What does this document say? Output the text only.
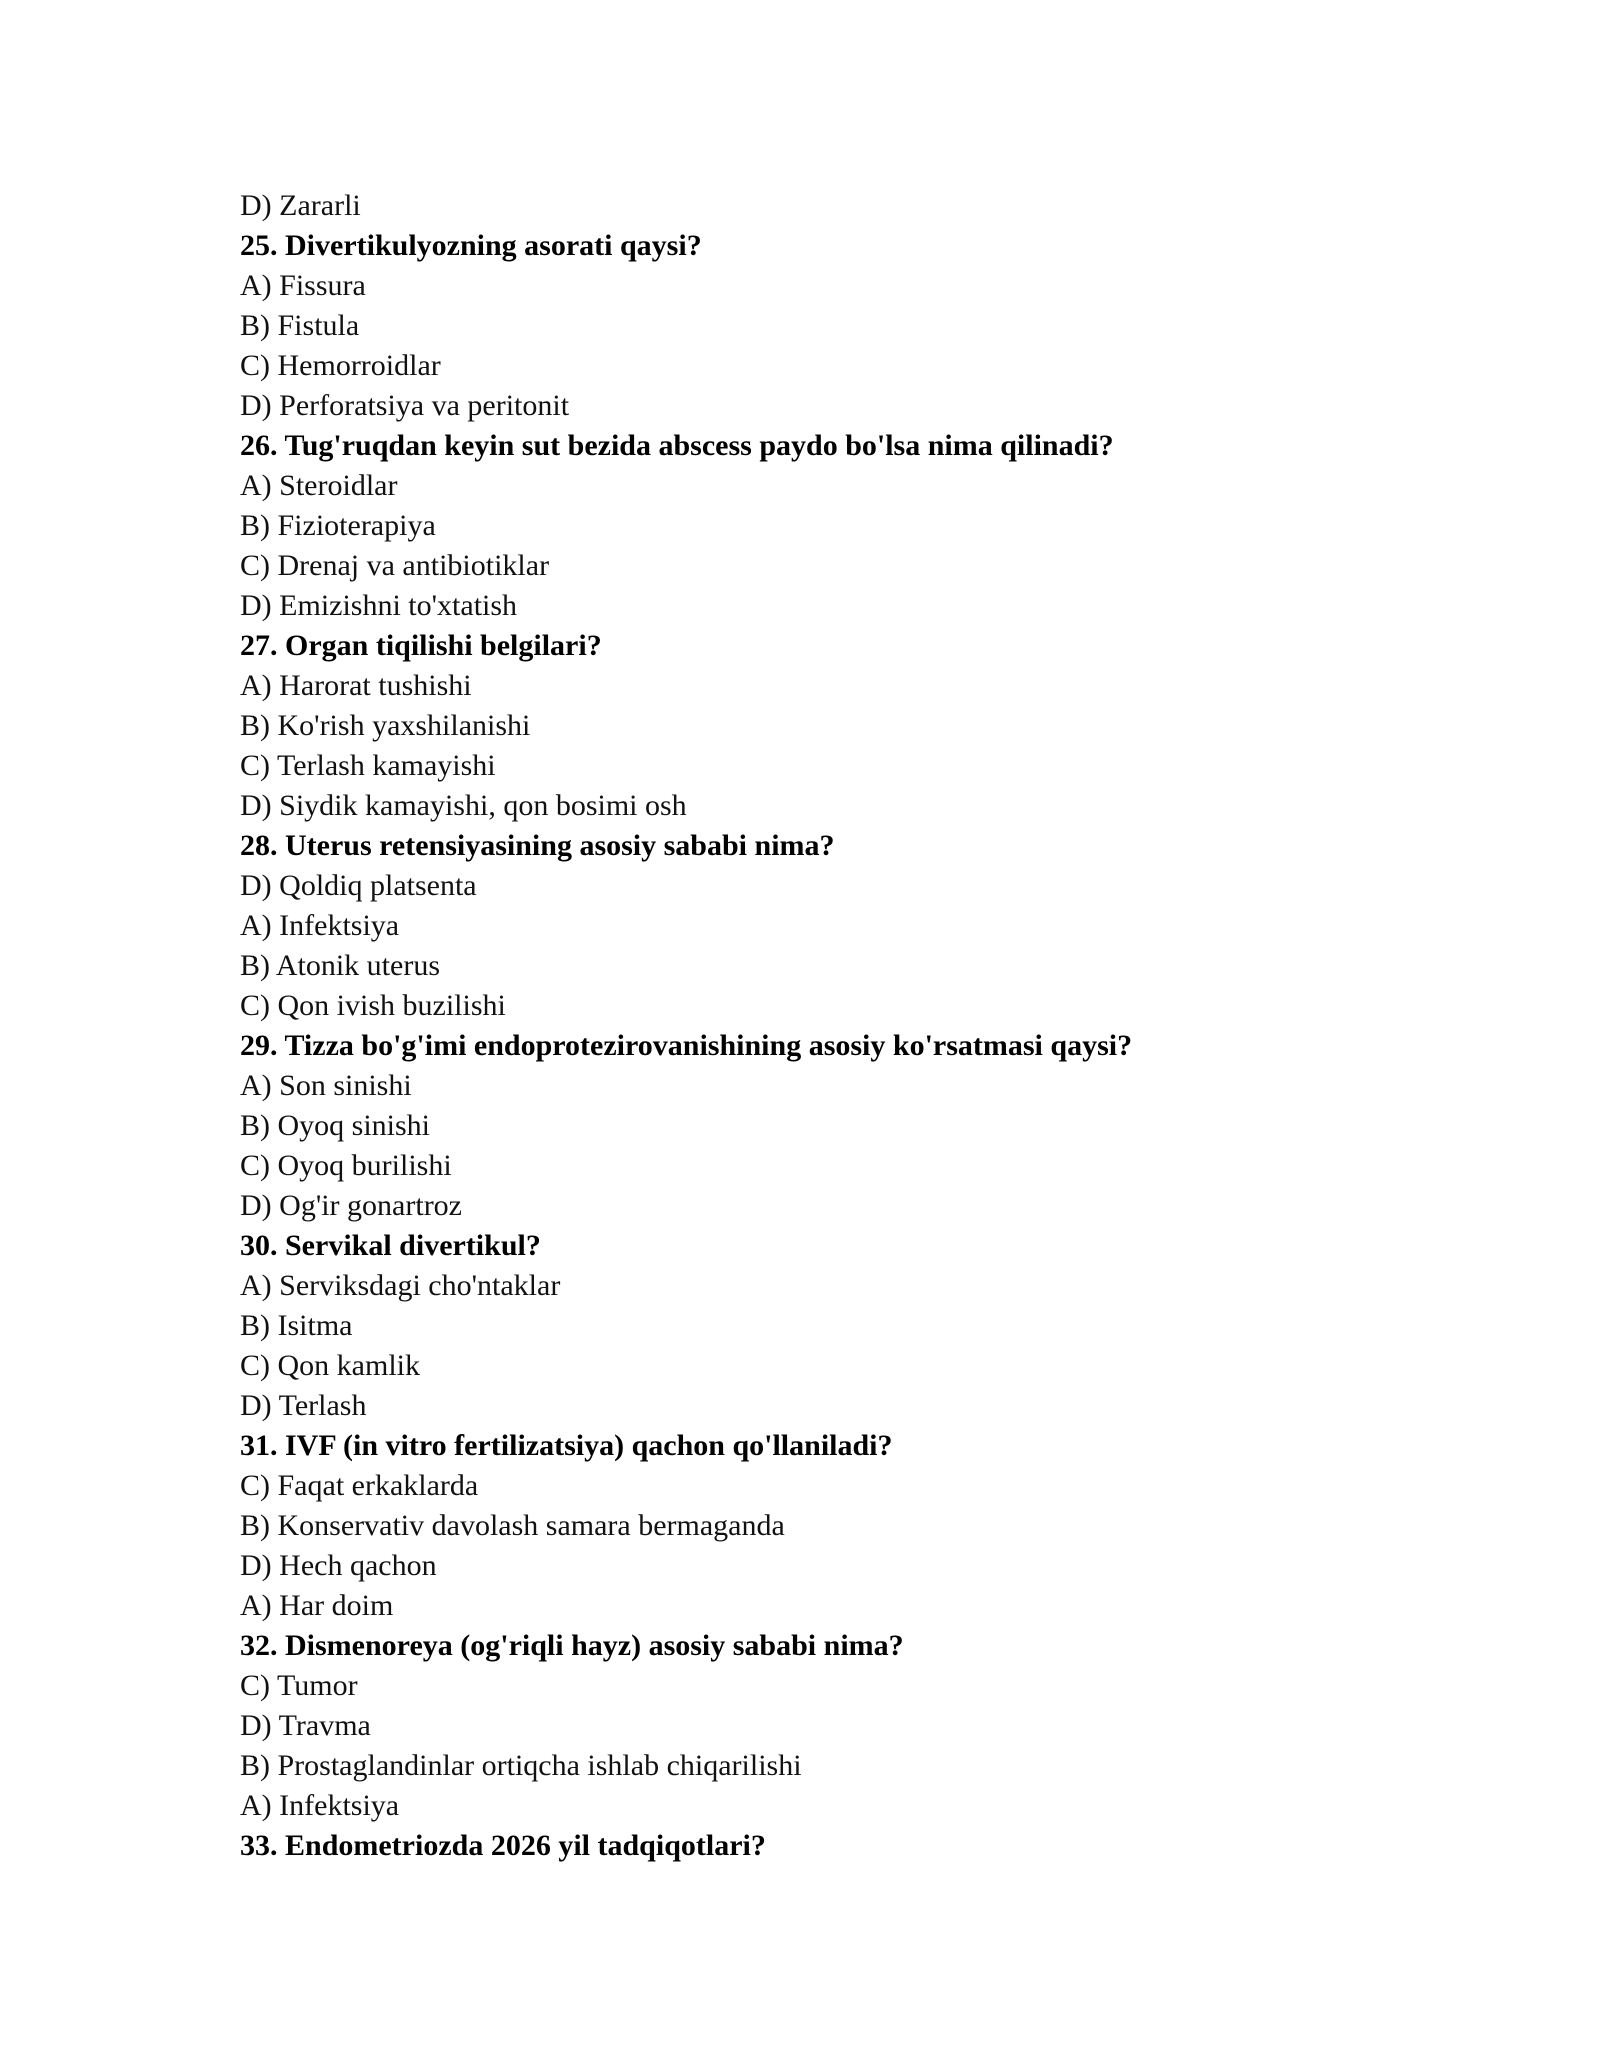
D) Zararli
25. Divertikulyozning asorati qaysi?
A) Fissura
B) Fistula
C) Hemorroidlar
D) Perforatsiya va peritonit
26. Tug'ruqdan keyin sut bezida abscess paydo bo'lsa nima qilinadi?
A) Steroidlar
B) Fizioterapiya
C) Drenaj va antibiotiklar
D) Emizishni to'xtatish
27. Organ tiqilishi belgilari?
A) Harorat tushishi
B) Ko'rish yaxshilanishi
C) Terlash kamayishi
D) Siydik kamayishi, qon bosimi osh
28. Uterus retensiyasining asosiy sababi nima?
D) Qoldiq platsenta
A) Infektsiya
B) Atonik uterus
C) Qon ivish buzilishi
29. Tizza bo'g'imi endoprotezirovanishining asosiy ko'rsatmasi qaysi?
A) Son sinishi
B) Oyoq sinishi
C) Oyoq burilishi
D) Og'ir gonartroz
30. Servikal divertikul?
A) Serviksdagi cho'ntaklar
B) Isitma
C) Qon kamlik
D) Terlash
31. IVF (in vitro fertilizatsiya) qachon qo'llaniladi?
C) Faqat erkaklarda
B) Konservativ davolash samara bermaganda
D) Hech qachon
A) Har doim
32. Dismenoreya (og'riqli hayz) asosiy sababi nima?
C) Tumor
D) Travma
B) Prostaglandinlar ortiqcha ishlab chiqarilishi
A) Infektsiya
33. Endometriozda 2026 yil tadqiqotlari?
